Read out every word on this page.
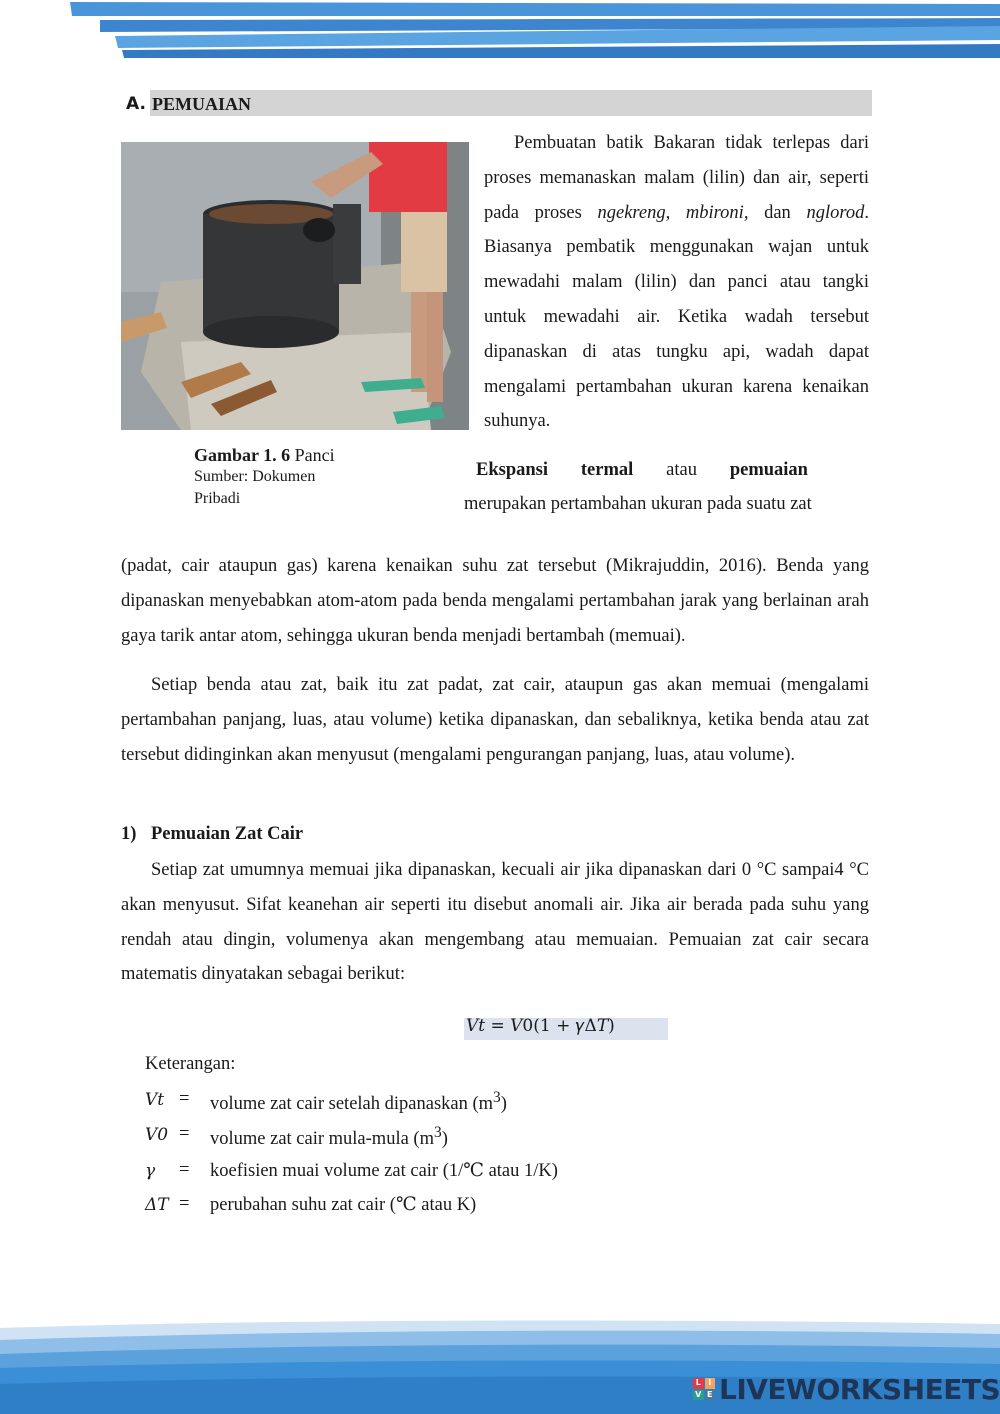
A. PEMUAIAN

Pembuatan batik Bakaran tidak terlepas dari proses memanaskan malam (lilin) dan air, seperti pada proses ngekreng, mbironi, dan nglorod. Biasanya pembatik menggunakan wajan untuk mewadahi malam (lilin) dan panci atau tangki untuk mewadahi air. Ketika wadah tersebut dipanaskan di atas tungku api, wadah dapat mengalami pertambahan ukuran karena kenaikan suhunya.

Gambar 1. 6 Panci
Sumber: Dokumen
Pribadi
Ekspansi termal atau pemuaian
merupakan pertambahan ukuran pada suatu zat

(padat, cair ataupun gas) karena kenaikan suhu zat tersebut (Mikrajuddin, 2016). Benda yang dipanaskan menyebabkan atom-atom pada benda mengalami pertambahan jarak yang berlainan arah gaya tarik antar atom, sehingga ukuran benda menjadi bertambah (memuai).

Setiap benda atau zat, baik itu zat padat, zat cair, ataupun gas akan memuai (mengalami pertambahan panjang, luas, atau volume) ketika dipanaskan, dan sebaliknya, ketika benda atau zat tersebut didinginkan akan menyusut (mengalami pengurangan panjang, luas, atau volume).

1) Pemuaian Zat Cair

Setiap zat umumnya memuai jika dipanaskan, kecuali air jika dipanaskan dari 0 °C sampai4 °C akan menyusut. Sifat keanehan air seperti itu disebut anomali air. Jika air berada pada suhu yang rendah atau dingin, volumenya akan mengembang atau memuaian. Pemuaian zat cair secara matematis dinyatakan sebagai berikut:

𝑉𝑡 = 𝑉0(1 + 𝛾Δ𝑇)
Keterangan:
𝑉𝑡 = volume zat cair setelah dipanaskan $(m^3)$
𝑉0 = volume zat cair mula-mula $(m^3)$
𝛾 = koefisien muai volume zat cair (1/℃ atau 1/K)
Δ𝑇 = perubahan suhu zat cair (℃ atau K)
L I
V E LIVEWORKSHEETS
